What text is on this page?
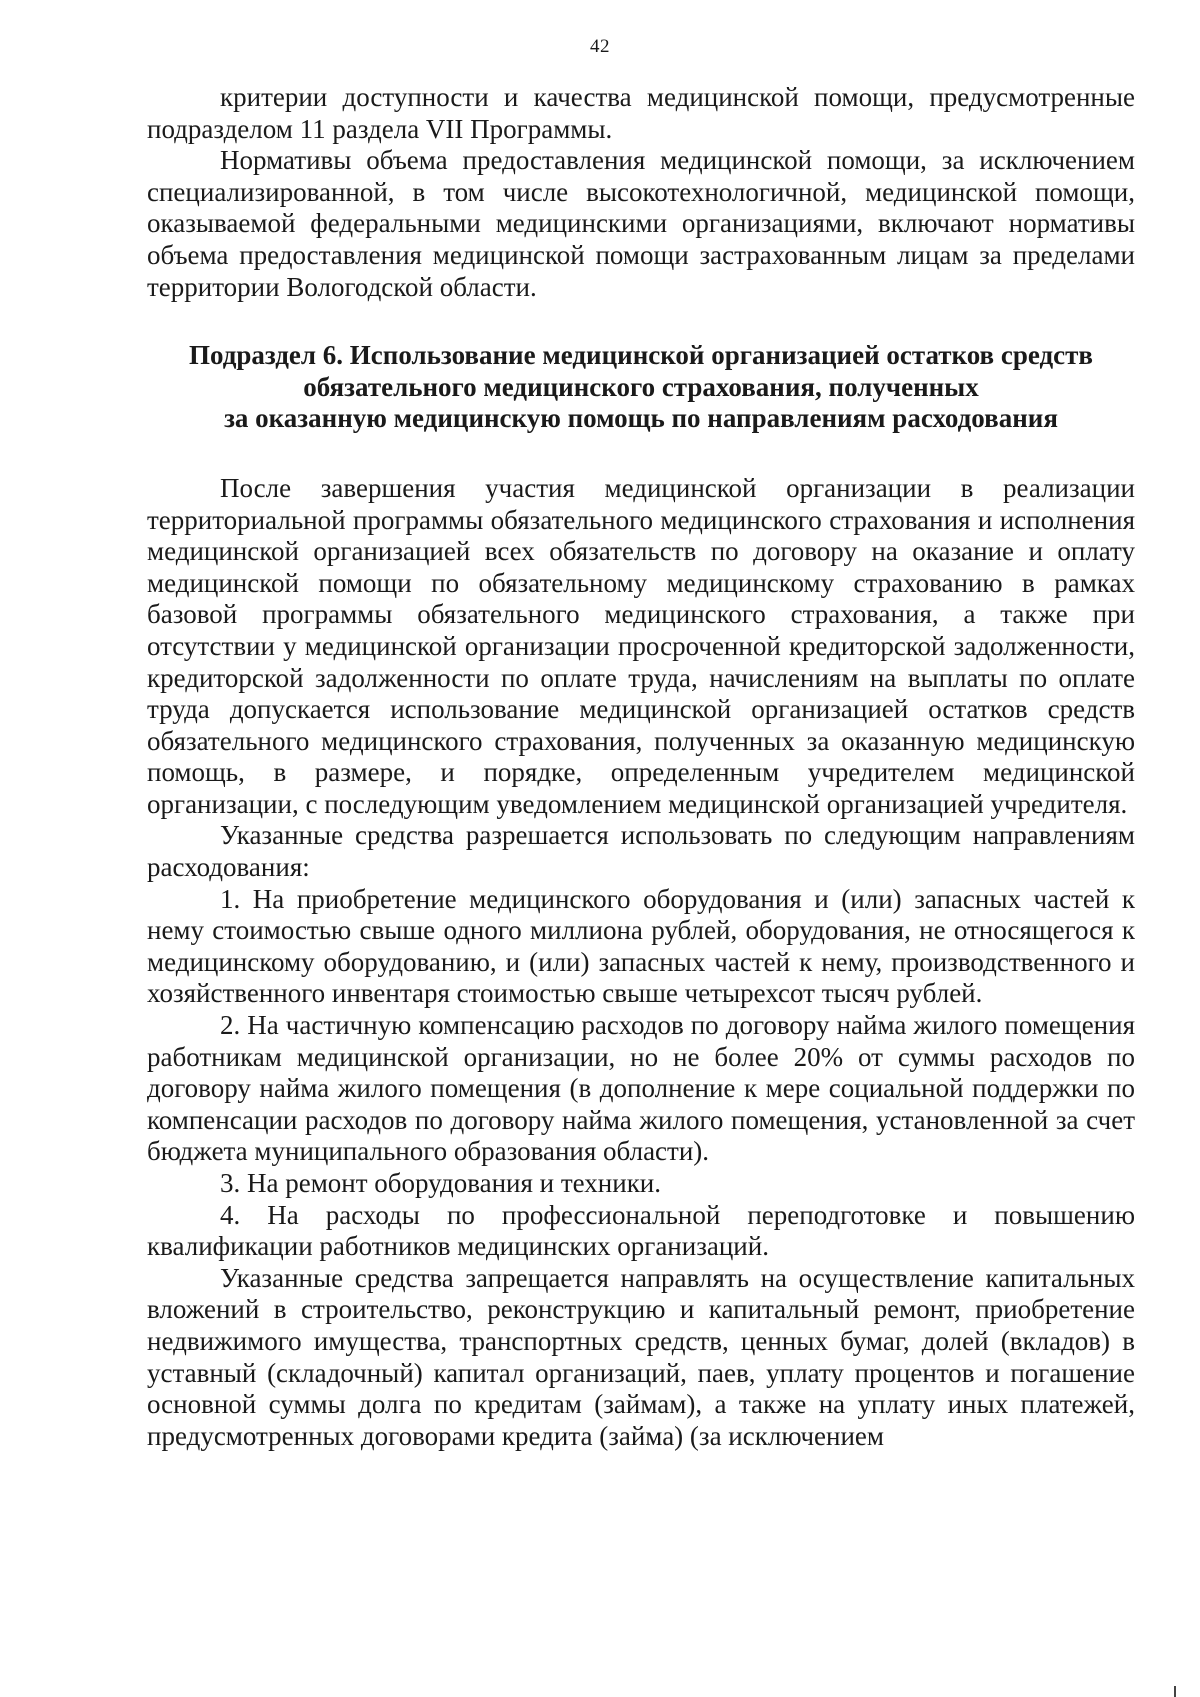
42

критерии доступности и качества медицинской помощи, предусмотренные подразделом 11 раздела VII Программы.

Нормативы объема предоставления медицинской помощи, за исключением специализированной, в том числе высокотехнологичной, медицинской помощи, оказываемой федеральными медицинскими организациями, включают нормативы объема предоставления медицинской помощи застрахованным лицам за пределами территории Вологодской области.

Подраздел 6. Использование медицинской организацией остатков средств
обязательного медицинского страхования, полученных
за оказанную медицинскую помощь по направлениям расходования

После завершения участия медицинской организации в реализации территориальной программы обязательного медицинского страхования и исполнения медицинской организацией всех обязательств по договору на оказание и оплату медицинской помощи по обязательному медицинскому страхованию в рамках базовой программы обязательного медицинского страхования, а также при отсутствии у медицинской организации просроченной кредиторской задолженности, кредиторской задолженности по оплате труда, начислениям на выплаты по оплате труда допускается использование медицинской организацией остатков средств обязательного медицинского страхования, полученных за оказанную медицинскую помощь, в размере, и порядке, определенным учредителем медицинской организации, с последующим уведомлением медицинской организацией учредителя.

Указанные средства разрешается использовать по следующим направлениям расходования:

1. На приобретение медицинского оборудования и (или) запасных частей к нему стоимостью свыше одного миллиона рублей, оборудования, не относящегося к медицинскому оборудованию, и (или) запасных частей к нему, производственного и хозяйственного инвентаря стоимостью свыше четырехсот тысяч рублей.

2. На частичную компенсацию расходов по договору найма жилого помещения работникам медицинской организации, но не более 20% от суммы расходов по договору найма жилого помещения (в дополнение к мере социальной поддержки по компенсации расходов по договору найма жилого помещения, установленной за счет бюджета муниципального образования области).

3. На ремонт оборудования и техники.

4. На расходы по профессиональной переподготовке и повышению квалификации работников медицинских организаций.

Указанные средства запрещается направлять на осуществление капитальных вложений в строительство, реконструкцию и капитальный ремонт, приобретение недвижимого имущества, транспортных средств, ценных бумаг, долей (вкладов) в уставный (складочный) капитал организаций, паев, уплату процентов и погашение основной суммы долга по кредитам (займам), а также на уплату иных платежей, предусмотренных договорами кредита (займа) (за исключением
